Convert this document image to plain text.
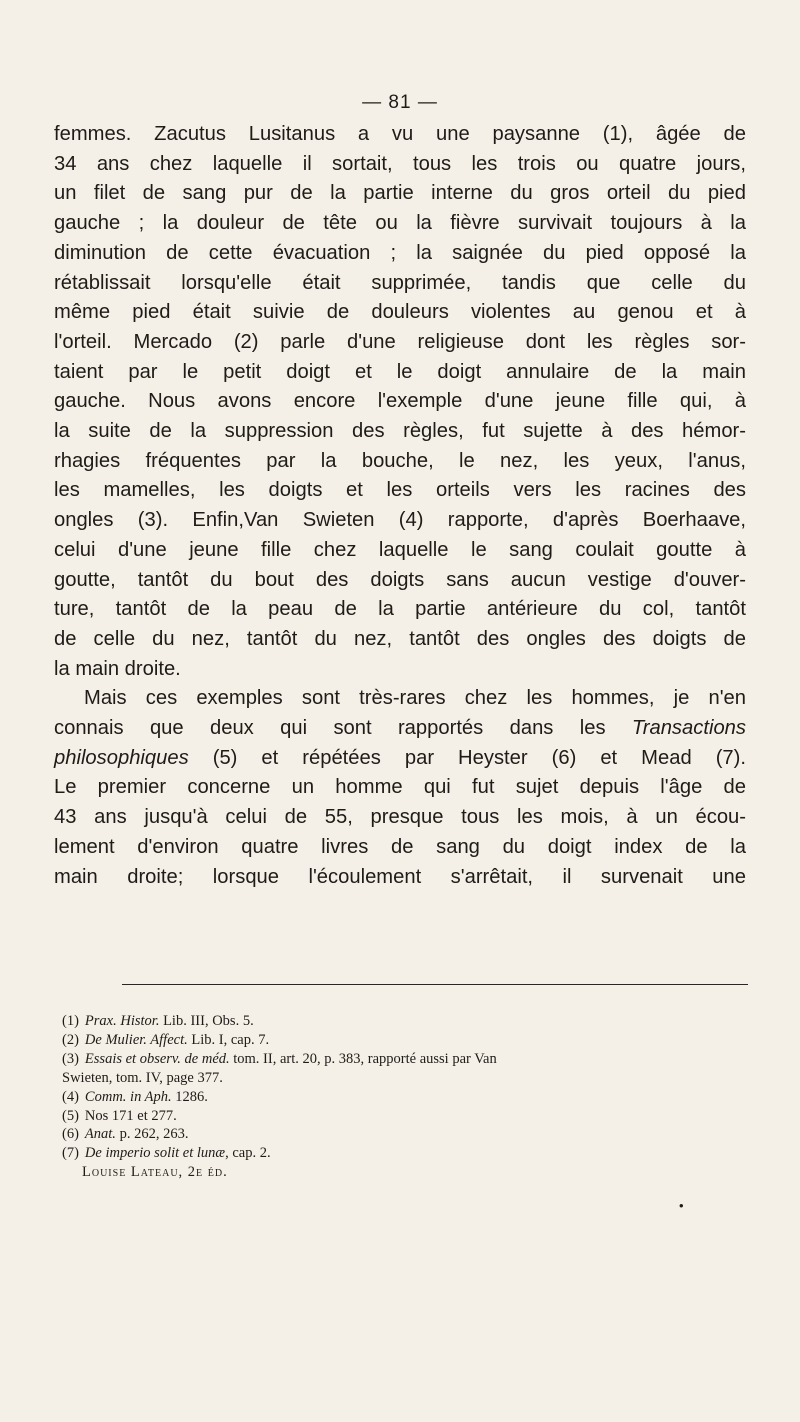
— 81 —
femmes. Zacutus Lusitanus a vu une paysanne (1), âgée de
34 ans chez laquelle il sortait, tous les trois ou quatre jours,
un filet de sang pur de la partie interne du gros orteil du pied
gauche ; la douleur de tête ou la fièvre survivait toujours à la
diminution de cette évacuation ; la saignée du pied opposé la
rétablissait lorsqu'elle était supprimée, tandis que celle du
même pied était suivie de douleurs violentes au genou et à
l'orteil. Mercado (2) parle d'une religieuse dont les règles sor-
taient par le petit doigt et le doigt annulaire de la main
gauche. Nous avons encore l'exemple d'une jeune fille qui, à
la suite de la suppression des règles, fut sujette à des hémor-
rhagies fréquentes par la bouche, le nez, les yeux, l'anus,
les mamelles, les doigts et les orteils vers les racines des
ongles (3). Enfin,Van Swieten (4) rapporte, d'après Boerhaave,
celui d'une jeune fille chez laquelle le sang coulait goutte à
goutte, tantôt du bout des doigts sans aucun vestige d'ouver-
ture, tantôt de la peau de la partie antérieure du col, tantôt
de celle du nez, tantôt du nez, tantôt des ongles des doigts de
la main droite.
Mais ces exemples sont très-rares chez les hommes, je n'en
connais que deux qui sont rapportés dans les Transactions
philosophiques (5) et répétées par Heyster (6) et Mead (7).
Le premier concerne un homme qui fut sujet depuis l'âge de
43 ans jusqu'à celui de 55, presque tous les mois, à un écou-
lement d'environ quatre livres de sang du doigt index de la
main droite; lorsque l'écoulement s'arrêtait, il survenait une
(1) Prax. Histor. Lib. III, Obs. 5.
(2) De Mulier. Affect. Lib. I, cap. 7.
(3) Essais et observ. de méd. tom. II, art. 20, p. 383, rapporté aussi par Van
Swieten, tom. IV, page 377.
(4) Comm. in Aph. 1286.
(5) Nos 171 et 277.
(6) Anat. p. 262, 263.
(7) De imperio solit et lunæ, cap. 2.
Louise Lateau, 2e éd.
•
